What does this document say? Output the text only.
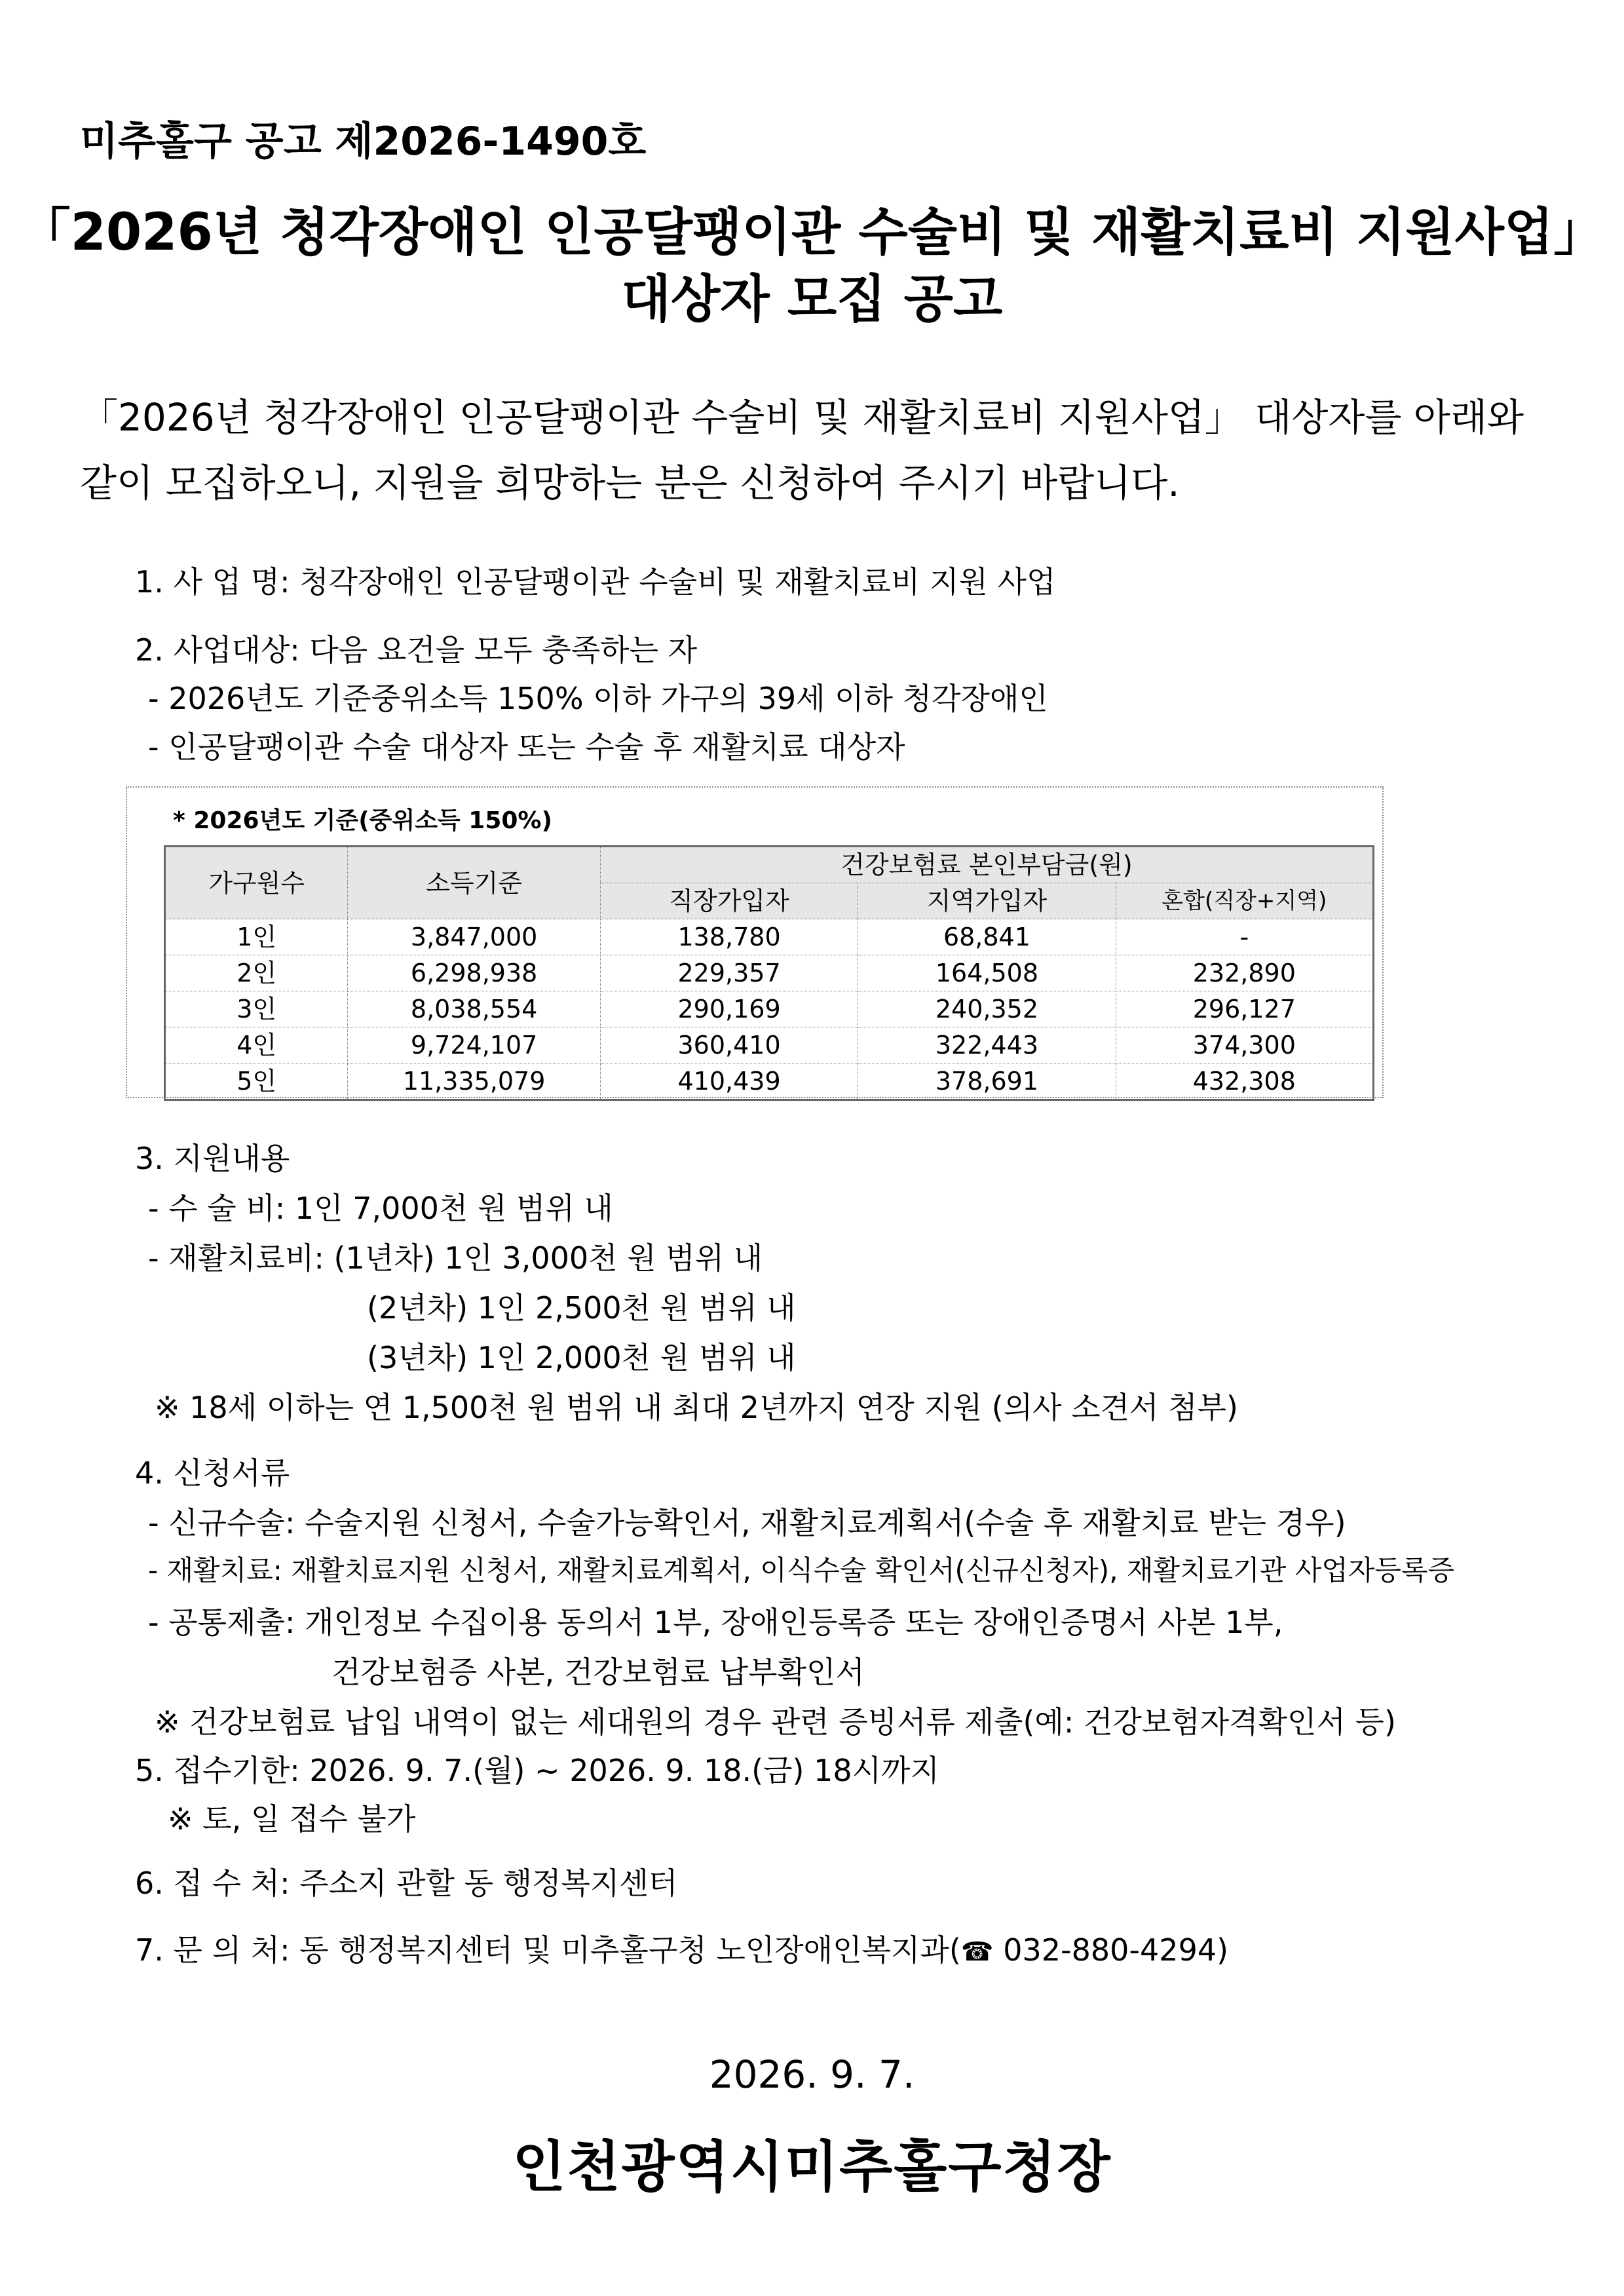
미추홀구 공고 제2026-1490호
「2026년 청각장애인 인공달팽이관 수술비 및 재활치료비 지원사업」
대상자 모집 공고
「2026년 청각장애인 인공달팽이관 수술비 및 재활치료비 지원사업」 대상자를 아래와
같이 모집하오니, 지원을 희망하는 분은 신청하여 주시기 바랍니다.
1. 사 업 명: 청각장애인 인공달팽이관 수술비 및 재활치료비 지원 사업
2. 사업대상: 다음 요건을 모두 충족하는 자
- 2026년도 기준중위소득 150% 이하 가구의 39세 이하 청각장애인
- 인공달팽이관 수술 대상자 또는 수술 후 재활치료 대상자
* 2026년도 기준(중위소득 150%)
가구원수	소득기준	건강보험료 본인부담금(원)		
		직장가입자	지역가입자	혼합(직장+지역)
1인	3,847,000	138,780	68,841	-
2인	6,298,938	229,357	164,508	232,890
3인	8,038,554	290,169	240,352	296,127
4인	9,724,107	360,410	322,443	374,300
5인	11,335,079	410,439	378,691	432,308
3. 지원내용
- 수 술 비: 1인 7,000천 원 범위 내
- 재활치료비: (1년차) 1인 3,000천 원 범위 내
(2년차) 1인 2,500천 원 범위 내
(3년차) 1인 2,000천 원 범위 내
※ 18세 이하는 연 1,500천 원 범위 내 최대 2년까지 연장 지원 (의사 소견서 첨부)
4. 신청서류
- 신규수술: 수술지원 신청서, 수술가능확인서, 재활치료계획서(수술 후 재활치료 받는 경우)
- 재활치료: 재활치료지원 신청서, 재활치료계획서, 이식수술 확인서(신규신청자), 재활치료기관 사업자등록증
- 공통제출: 개인정보 수집이용 동의서 1부, 장애인등록증 또는 장애인증명서 사본 1부,
건강보험증 사본, 건강보험료 납부확인서
※ 건강보험료 납입 내역이 없는 세대원의 경우 관련 증빙서류 제출(예: 건강보험자격확인서 등)
5. 접수기한: 2026. 9. 7.(월) ~ 2026. 9. 18.(금) 18시까지
※ 토, 일 접수 불가
6. 접 수 처: 주소지 관할 동 행정복지센터
7. 문 의 처: 동 행정복지센터 및 미추홀구청 노인장애인복지과(☎ 032-880-4294)
2026. 9. 7.
인천광역시미추홀구청장
